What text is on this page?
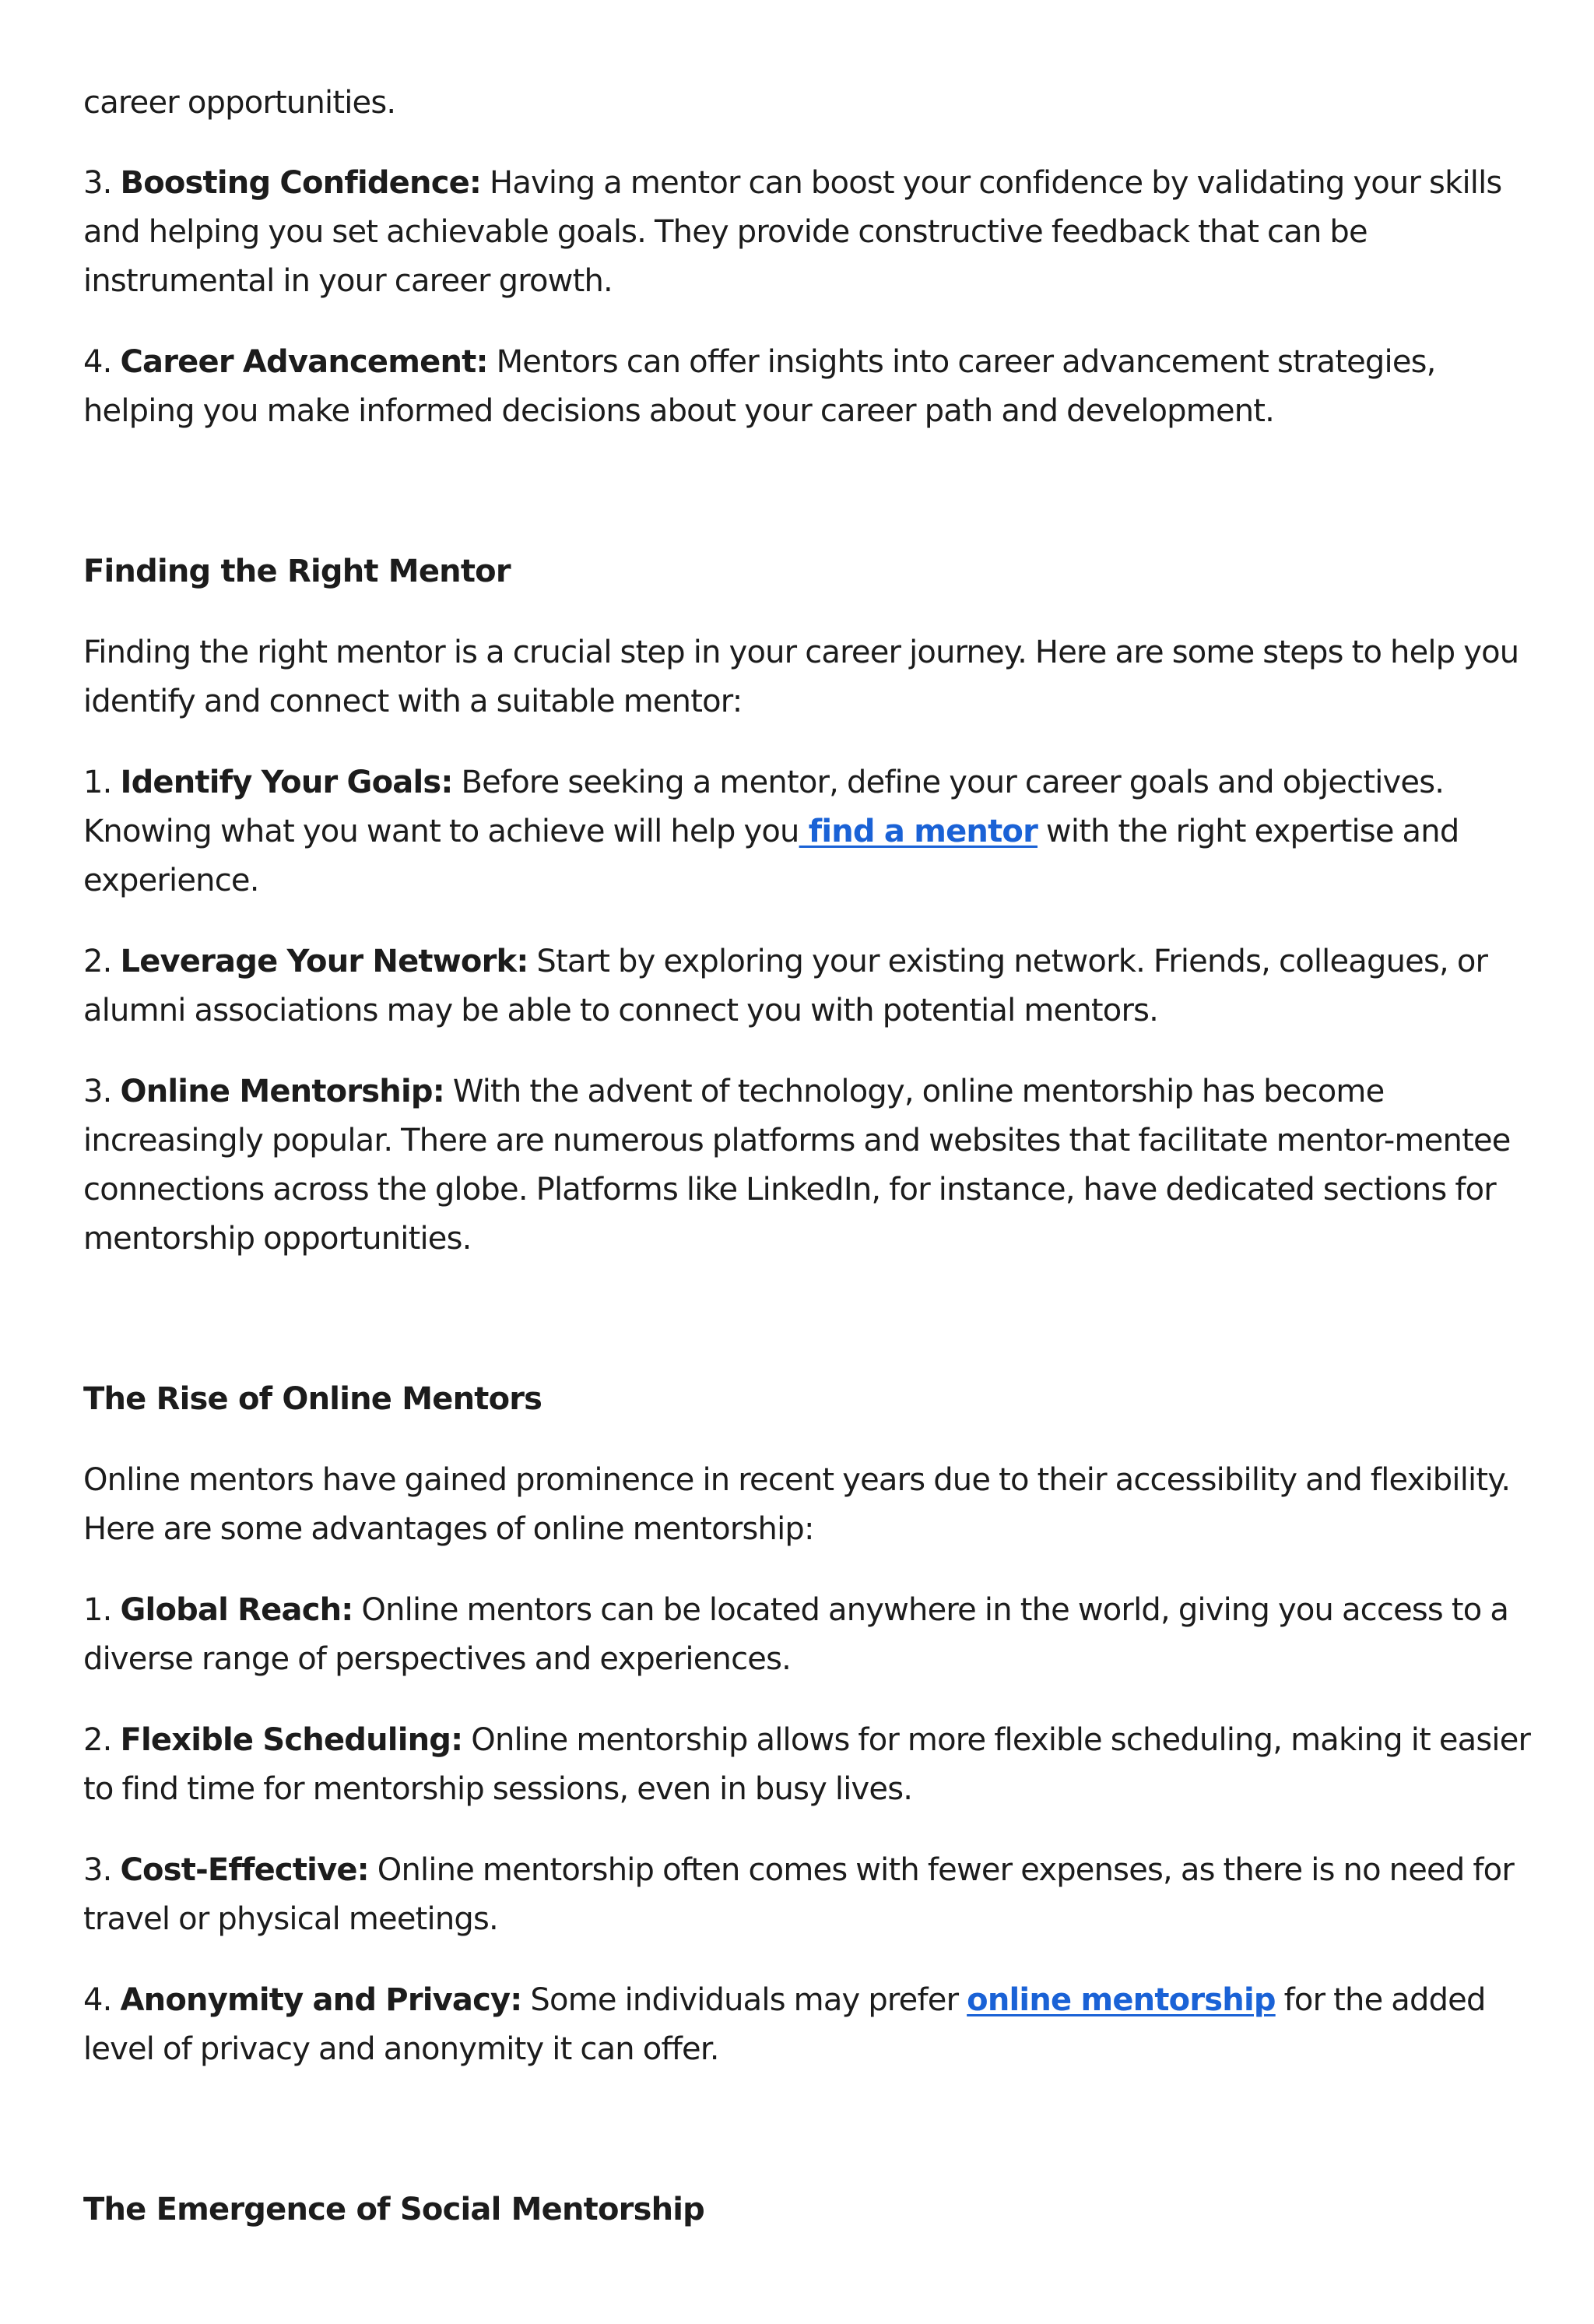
career opportunities.

3. Boosting Confidence: Having a mentor can boost your confidence by validating your skills and helping you set achievable goals. They provide constructive feedback that can be instrumental in your career growth.

4. Career Advancement: Mentors can offer insights into career advancement strategies, helping you make informed decisions about your career path and development.

Finding the Right Mentor

Finding the right mentor is a crucial step in your career journey. Here are some steps to help you identify and connect with a suitable mentor:

1. Identify Your Goals: Before seeking a mentor, define your career goals and objectives. Knowing what you want to achieve will help you find a mentor with the right expertise and experience.

2. Leverage Your Network: Start by exploring your existing network. Friends, colleagues, or alumni associations may be able to connect you with potential mentors.

3. Online Mentorship: With the advent of technology, online mentorship has become increasingly popular. There are numerous platforms and websites that facilitate mentor-mentee connections across the globe. Platforms like LinkedIn, for instance, have dedicated sections for mentorship opportunities.

The Rise of Online Mentors

Online mentors have gained prominence in recent years due to their accessibility and flexibility. Here are some advantages of online mentorship:

1. Global Reach: Online mentors can be located anywhere in the world, giving you access to a diverse range of perspectives and experiences.

2. Flexible Scheduling: Online mentorship allows for more flexible scheduling, making it easier to find time for mentorship sessions, even in busy lives.

3. Cost-Effective: Online mentorship often comes with fewer expenses, as there is no need for travel or physical meetings.

4. Anonymity and Privacy: Some individuals may prefer online mentorship for the added level of privacy and anonymity it can offer.

The Emergence of Social Mentorship
